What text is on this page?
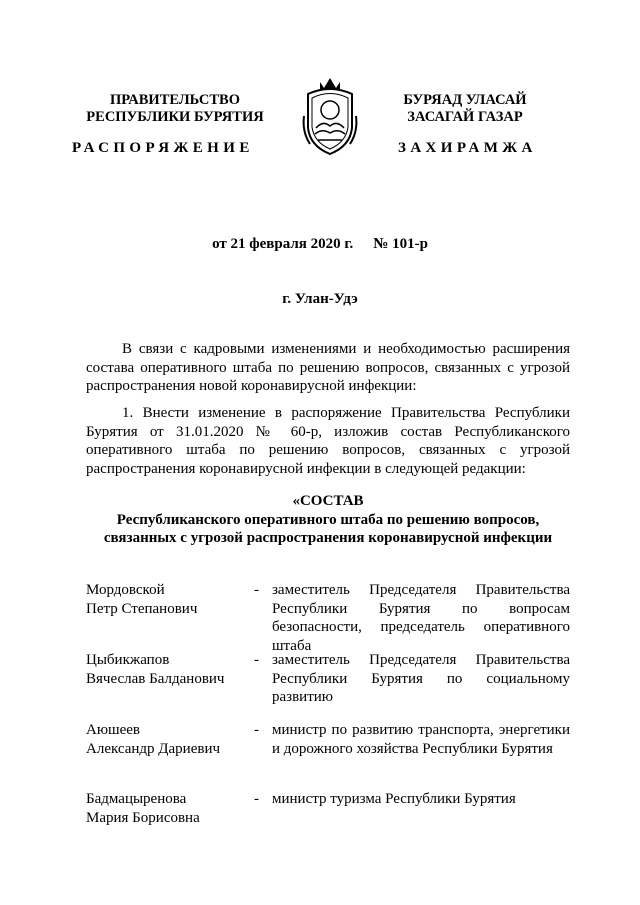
ПРАВИТЕЛЬСТВО
РЕСПУБЛИКИ БУРЯТИЯ
БУРЯАД УЛАСАЙ
ЗАСАГАЙ ГАЗАР
РАСПОРЯЖЕНИЕ	ЗАХИРАМЖА
от 21 февраля 2020 г. № 101-р
г. Улан-Удэ

В связи с кадровыми изменениями и необходимостью расширения состава оперативного штаба по решению вопросов, связанных с угрозой распространения новой коронавирусной инфекции:

1. Внести изменение в распоряжение Правительства Республики Бурятия от 31.01.2020 № 60-р, изложив состав Республиканского оперативного штаба по решению вопросов, связанных с угрозой распространения коронавирусной инфекции в следующей редакции:

«СОСТАВ
Республиканского оперативного штаба по решению вопросов,
связанных с угрозой распространения коронавирусной инфекции
Мордовской
Петр Степанович
- заместитель Председателя Правительства Республики Бурятия по вопросам безопасности, председатель оперативного штаба
Цыбикжапов
Вячеслав Балданович
- заместитель Председателя Правительства Республики Бурятия по социальному развитию
Аюшеев
Александр Дариевич
- министр по развитию транспорта, энергетики и дорожного хозяйства Республики Бурятия
Бадмацыренова
Мария Борисовна
- министр туризма Республики Бурятия
